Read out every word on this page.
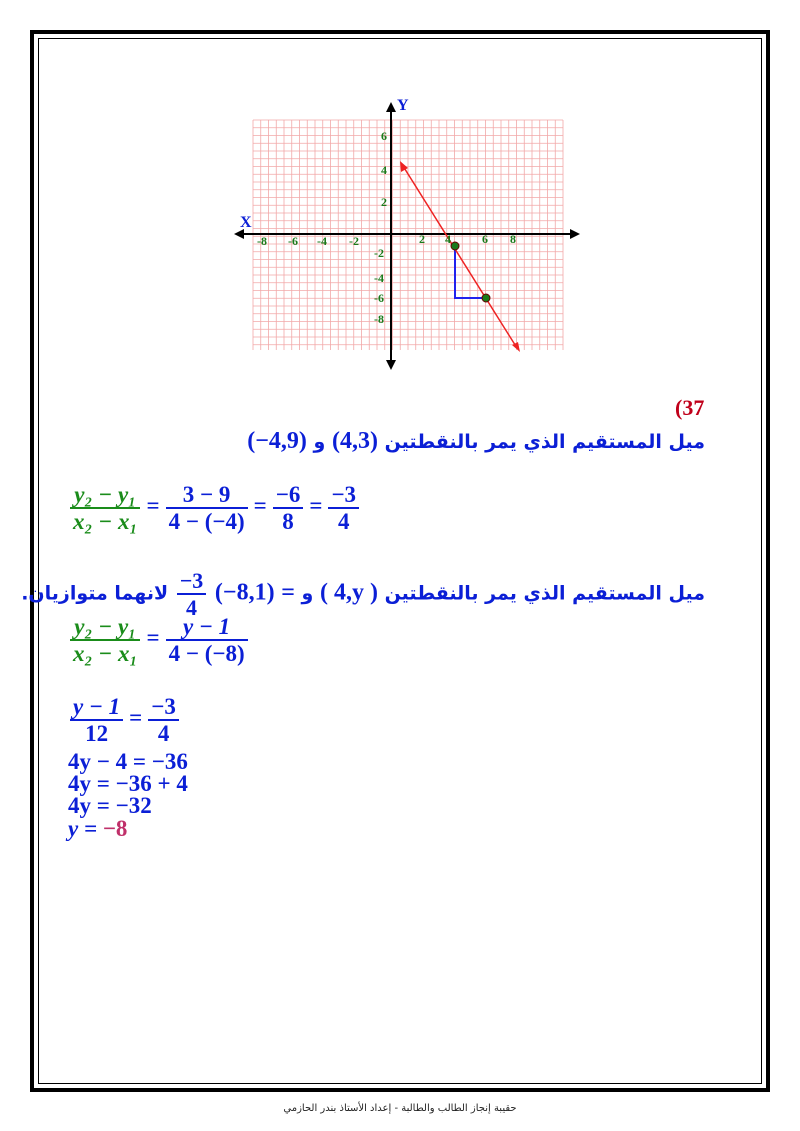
Y
X
-8 -6 -4 -2	2 4	6 8
6
4
2
-2
-4
-6
-8
(37
ميل المستقيم الذي يمر بالنقطتين (4,3) و (−4,9)
$\frac{\text{y₂ − y₁}}{\text{x₂ − x₁}} = \frac{3 - 9}{4 - (-4)} = \frac{-6}{8} = \frac{-3}{4}$
ميل المستقيم الذي يمر بالنقطتين ( 4,y ) و (−8,1) =
$\frac{-3}{4}$
لانهما متوازيان.
$\frac{\text{y₂ − y₁}}{\text{x₂ − x₁}} = \frac{y - 1}{4 - (-8)}$
$\frac{y - 1}{12} = \frac{-3}{4}$
4y − 4 = −36
4y = −36 + 4
4y = −32
y = −8
حقيبة إنجاز الطالب والطالبة - إعداد الأستاذ بندر الحازمي
